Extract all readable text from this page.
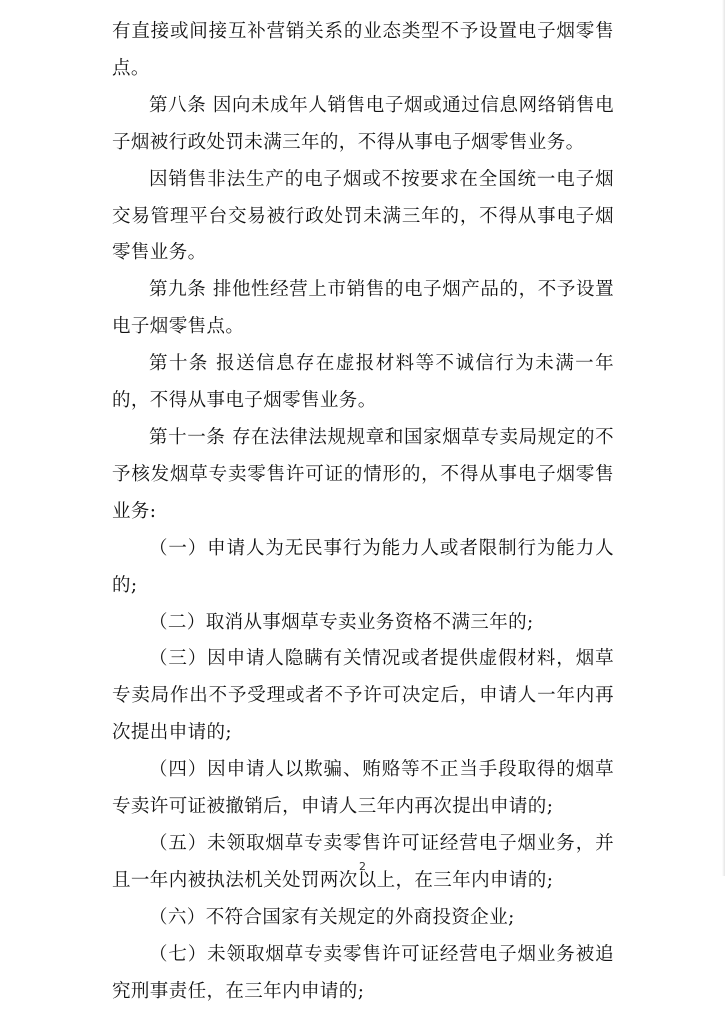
有直接或间接互补营销关系的业态类型不予设置电子烟零售点。

第八条 因向未成年人销售电子烟或通过信息网络销售电子烟被行政处罚未满三年的，不得从事电子烟零售业务。

因销售非法生产的电子烟或不按要求在全国统一电子烟交易管理平台交易被行政处罚未满三年的，不得从事电子烟零售业务。

第九条 排他性经营上市销售的电子烟产品的，不予设置电子烟零售点。

第十条 报送信息存在虚报材料等不诚信行为未满一年的，不得从事电子烟零售业务。

第十一条 存在法律法规规章和国家烟草专卖局规定的不予核发烟草专卖零售许可证的情形的，不得从事电子烟零售业务:

（一）申请人为无民事行为能力人或者限制行为能力人的;

（二）取消从事烟草专卖业务资格不满三年的;

（三）因申请人隐瞒有关情况或者提供虚假材料，烟草专卖局作出不予受理或者不予许可决定后，申请人一年内再次提出申请的;

（四）因申请人以欺骗、贿赂等不正当手段取得的烟草专卖许可证被撤销后，申请人三年内再次提出申请的;

（五）未领取烟草专卖零售许可证经营电子烟业务，并且一年内被执法机关处罚两次以上，在三年内申请的;

（六）不符合国家有关规定的外商投资企业;

（七）未领取烟草专卖零售许可证经营电子烟业务被追究刑事责任，在三年内申请的;

2
